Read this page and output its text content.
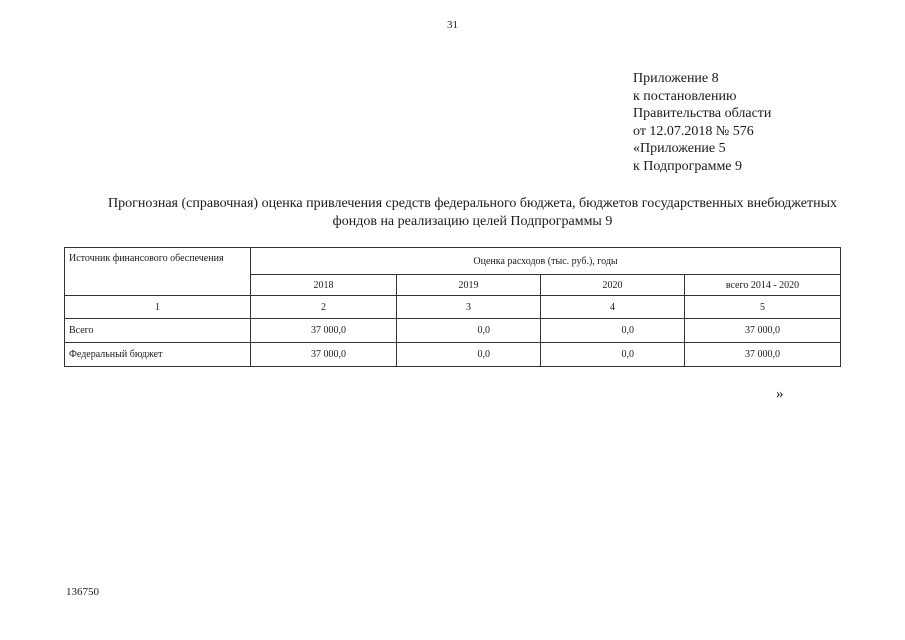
31
Приложение 8
к постановлению
Правительства области
от 12.07.2018 № 576
«Приложение 5
к Подпрограмме 9
Прогнозная (справочная) оценка привлечения средств федерального бюджета, бюджетов государственных внебюджетных
фондов на реализацию целей Подпрограммы 9
Источник финансового обеспечения	Оценка расходов (тыс. руб.), годы			
	2018	2019	2020	всего 2014 - 2020
1	2	3	4	5
Всего	37 000,0	0,0	0,0	37 000,0
Федеральный бюджет	37 000,0	0,0	0,0	37 000,0
»
136750
